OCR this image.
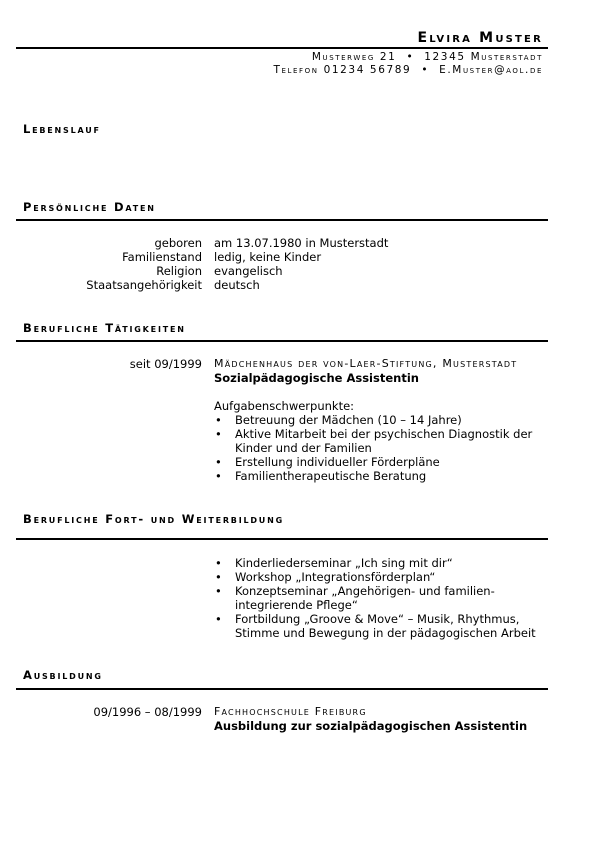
Elvira Muster
Musterweg 21 • 12345 Musterstadt
Telefon 01234 56789 • E.Muster@aol.de
Lebenslauf
Persönliche Daten
geboren am 13.07.1980 in Musterstadt
Familienstand ledig, keine Kinder
Religion evangelisch
Staatsangehörigkeit deutsch
Berufliche Tätigkeiten
seit 09/1999 Mädchenhaus der von-Laer-Stiftung, Musterstadt
Sozialpädagogische Assistentin
Aufgabenschwerpunkte:
• Betreuung der Mädchen (10 – 14 Jahre)
• Aktive Mitarbeit bei der psychischen Diagnostik der Kinder und der Familien
• Erstellung individueller Förderpläne
• Familientherapeutische Beratung
Berufliche Fort- und Weiterbildung
• Kinderliederseminar „Ich sing mit dir“
• Workshop „Integrationsförderplan“
• Konzeptseminar „Angehörigen- und familien-integrierende Pflege“
• Fortbildung „Groove & Move“ – Musik, Rhythmus, Stimme und Bewegung in der pädagogischen Arbeit
Ausbildung
09/1996 – 08/1999 Fachhochschule Freiburg
Ausbildung zur sozialpädagogischen Assistentin
